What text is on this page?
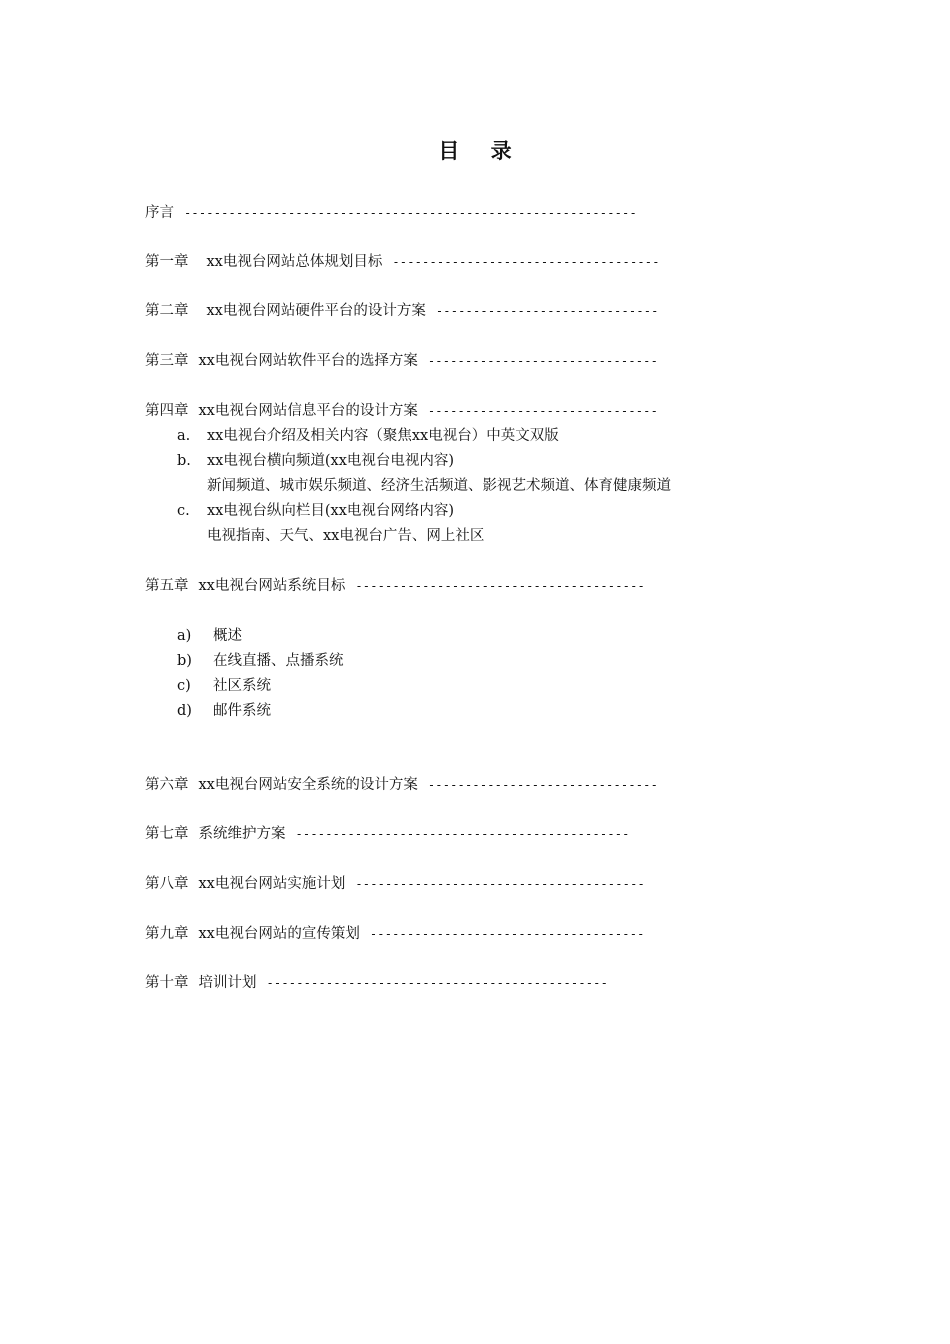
目 录
序言 -------------------------------------------------------------
第一章 xx电视台网站总体规划目标 ------------------------------------
第二章 xx电视台网站硬件平台的设计方案 ------------------------------
第三章 xx电视台网站软件平台的选择方案 -------------------------------
第四章 xx电视台网站信息平台的设计方案 -------------------------------
a. xx电视台介绍及相关内容（聚焦xx电视台）中英文双版
b. xx电视台横向频道(xx电视台电视内容)
新闻频道、城市娱乐频道、经济生活频道、影视艺术频道、体育健康频道
c. xx电视台纵向栏目(xx电视台网络内容)
电视指南、天气、xx电视台广告、网上社区
第五章 xx电视台网站系统目标 ---------------------------------------
a) 概述
b) 在线直播、点播系统
c) 社区系统
d) 邮件系统
第六章 xx电视台网站安全系统的设计方案 -------------------------------
第七章 系统维护方案 ---------------------------------------------
第八章 xx电视台网站实施计划 ---------------------------------------
第九章 xx电视台网站的宣传策划 -------------------------------------
第十章 培训计划 ----------------------------------------------
